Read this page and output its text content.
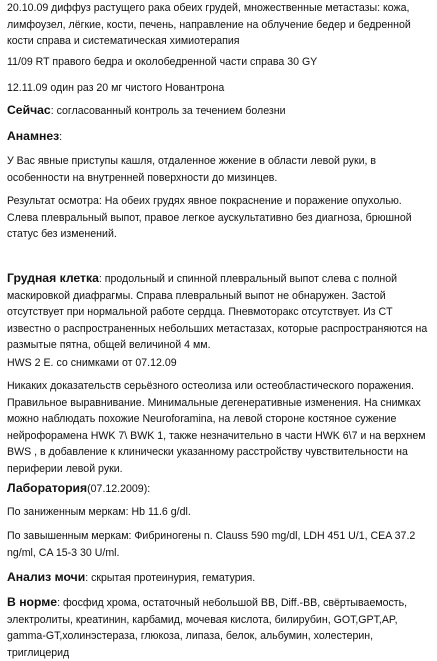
20.10.09 диффуз растущего рака обеих грудей, множественные метастазы: кожа, лимфоузел, лёгкие, кости, печень, направление на облучение бедер и бедренной кости справа и систематическая химиотерапия

11/09 RT правого бедра и околобедренной части справа 30 GY

12.11.09 один раз 20 мг чистого Новантрона

Сейчас: согласованный контроль за течением болезни

Анамнез:

У Вас явные приступы кашля, отдаленное жжение в области левой руки, в особенности на внутренней поверхности до мизинцев.

Результат осмотра: На обеих грудях явное покраснение и поражение опухолью. Слева плевральный выпот, правое легкое аускультативно без диагноза, брюшной статус без изменений.

Грудная клетка: продольный и спинной плевральный выпот слева с полной маскировкой диафрагмы. Справа плевральный выпот не обнаружен. Застой отсутствует при нормальной работе сердца. Пневмоторакс отсутствует. Из CT известно о распространенных небольших метастазах, которые распространяются на размытые пятна, общей величиной 4 мм.

HWS 2 E. со снимками от 07.12.09

Никаких доказательств серьёзного остеолиза или остеобластического поражения. Правильное выравнивание. Минимальные дегенеративные изменения. На снимках можно наблюдать похожие Neuroforamina, на левой стороне костяное сужение нейрофорамена HWK 7\ BWK 1, также незначительно в части HWK 6\7 и на верхнем BWS , в добавление к клинически указанному расстройству чувствительности на периферии левой руки.

Лаборатория(07.12.2009):

По заниженным меркам: Hb 11.6 g/dl.

По завышенным меркам: Фибриногены n. Clauss 590 mg/dl, LDH 451 U/1, CEA 37.2 ng/ml, CA 15-3 30 U/ml.

Анализ мочи: скрытая протеинурия, гематурия.

В норме: фосфид хрома, остаточный небольшой BB, Diff.-BB, свёртываемость, электролиты, креатинин, карбамид, мочевая кислота, билирубин, GOT,GPT,AP, gamma-GT,холинэстераза, глюкоза, липаза, белок, альбумин, холестерин, триглицерид
